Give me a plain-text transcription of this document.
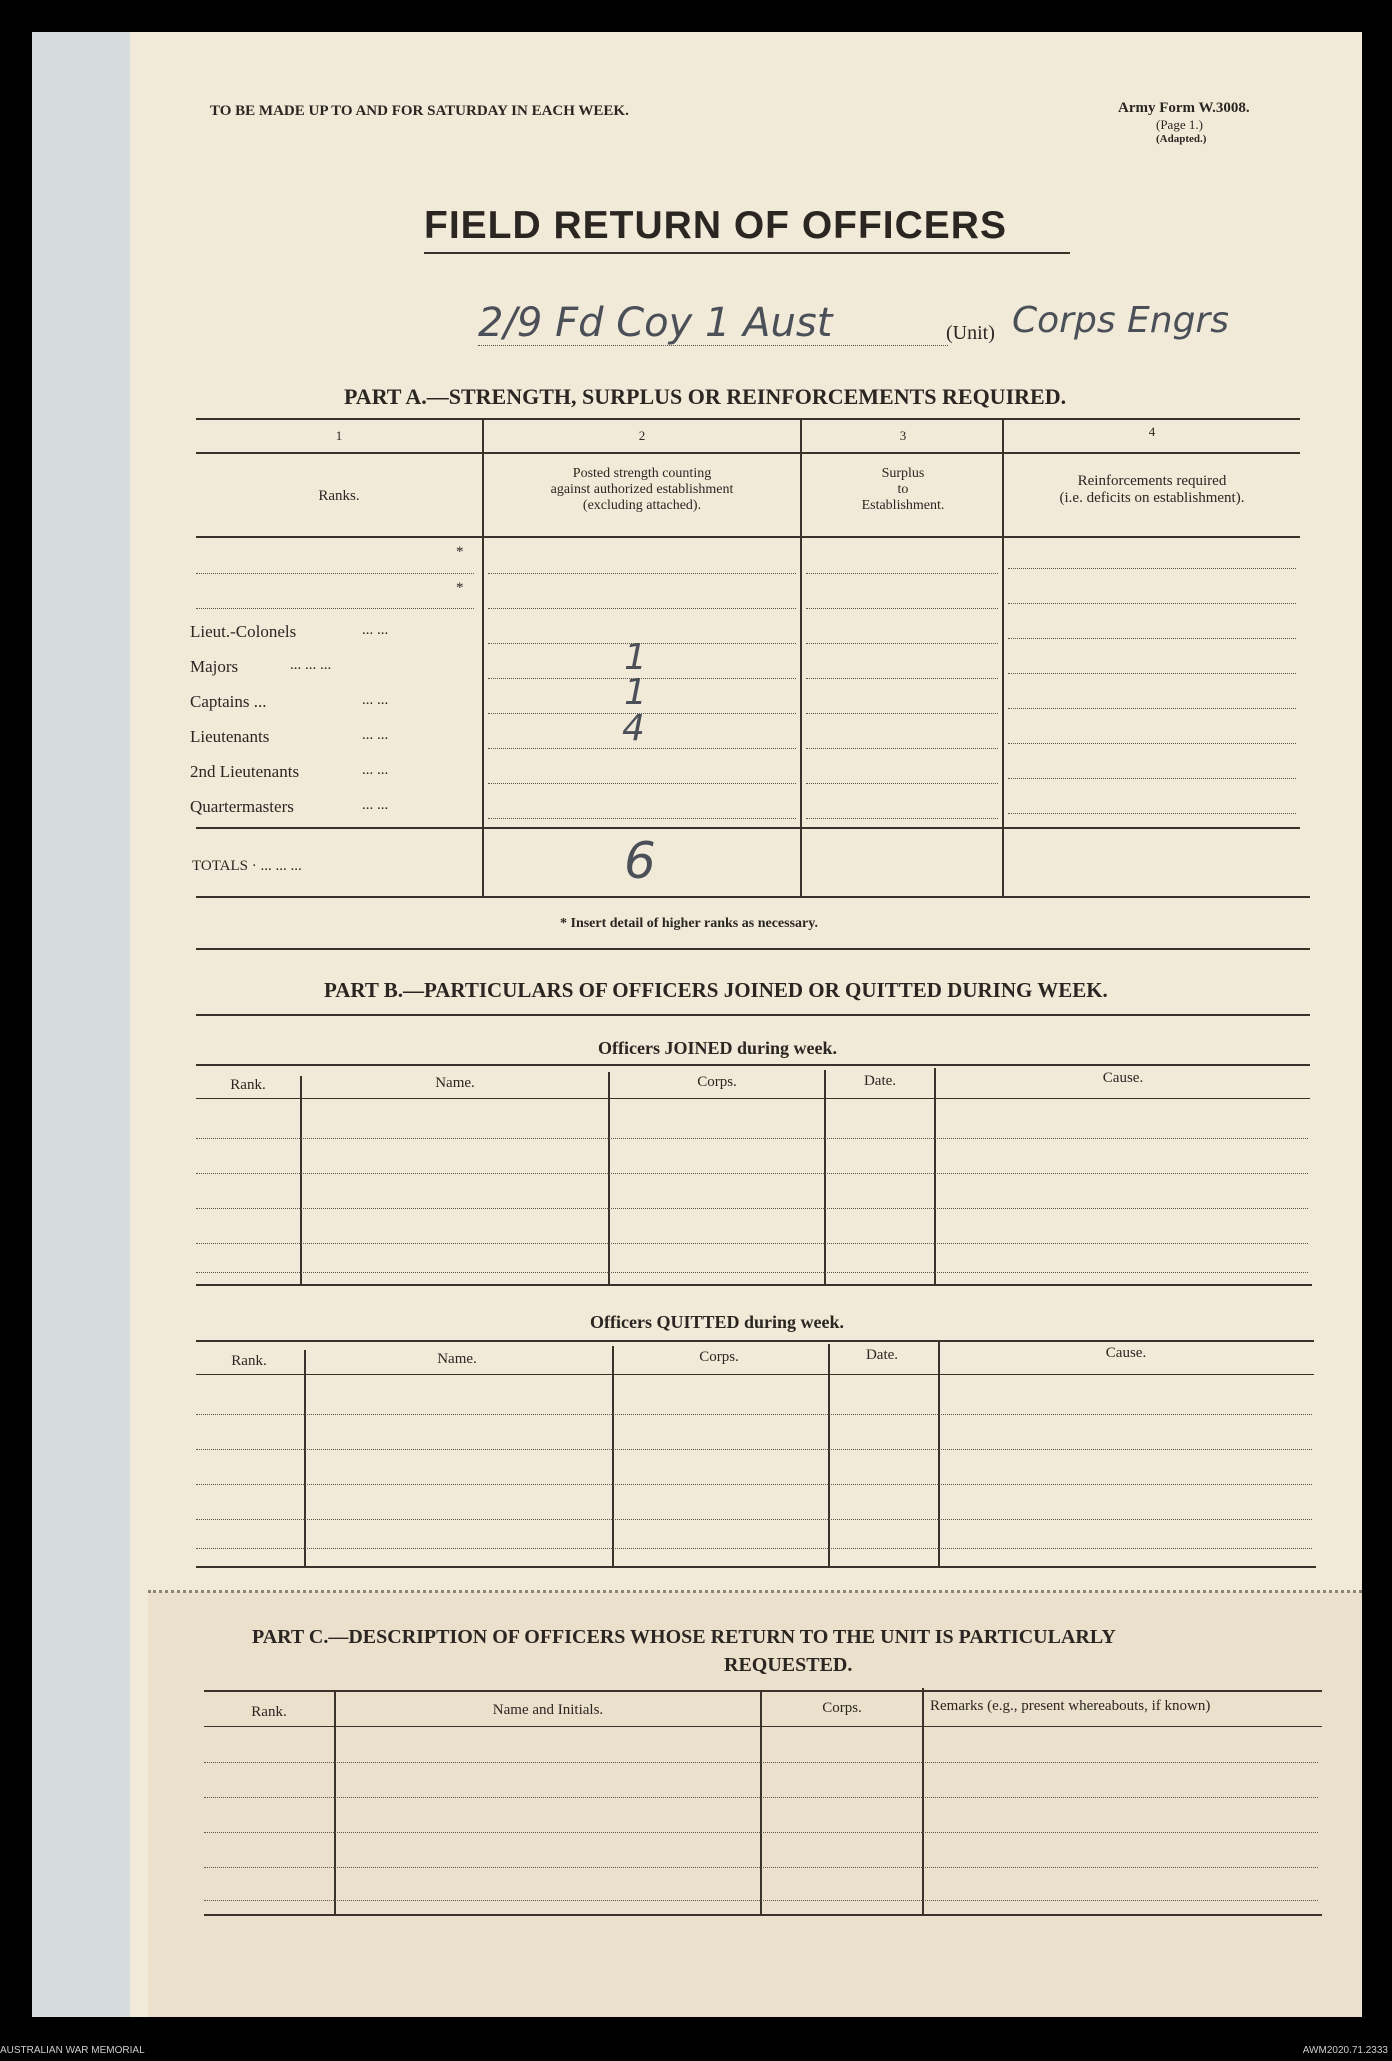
TO BE MADE UP TO AND FOR SATURDAY IN EACH WEEK.	Army Form W.3008.
(Page 1.)
(Adapted.)
FIELD RETURN OF OFFICERS
2/9 Fd Coy 1 Aust	(Unit) Corps Engrs
PART A.—STRENGTH, SURPLUS OR REINFORCEMENTS REQUIRED.
1	2	3	4
Ranks.
Posted strength counting
against authorized establishment
(excluding attached).
Surplus
to
Establishment.
Reinforcements required
(i.e. deficits on establishment).
*
*
Lieut.-Colonels	... ...
Majors	... ... ...	1
Captains ...	... ...	1
Lieutenants	... ...	4
2nd Lieutenants	... ...
Quartermasters	... ...
TOTALS · ... ... ...	6
* Insert detail of higher ranks as necessary.
PART B.—PARTICULARS OF OFFICERS JOINED OR QUITTED DURING WEEK.
Officers JOINED during week.
Rank.	Name.	Corps.	Date.	Cause.
Officers QUITTED during week.
Rank.	Name.	Corps.	Date.	Cause.
PART C.—DESCRIPTION OF OFFICERS WHOSE RETURN TO THE UNIT IS PARTICULARLY
REQUESTED.
Rank.	Name and Initials.	Corps.	Remarks (e.g., present whereabouts, if known)
AUSTRALIAN WAR MEMORIAL	AWM2020.71.2333
